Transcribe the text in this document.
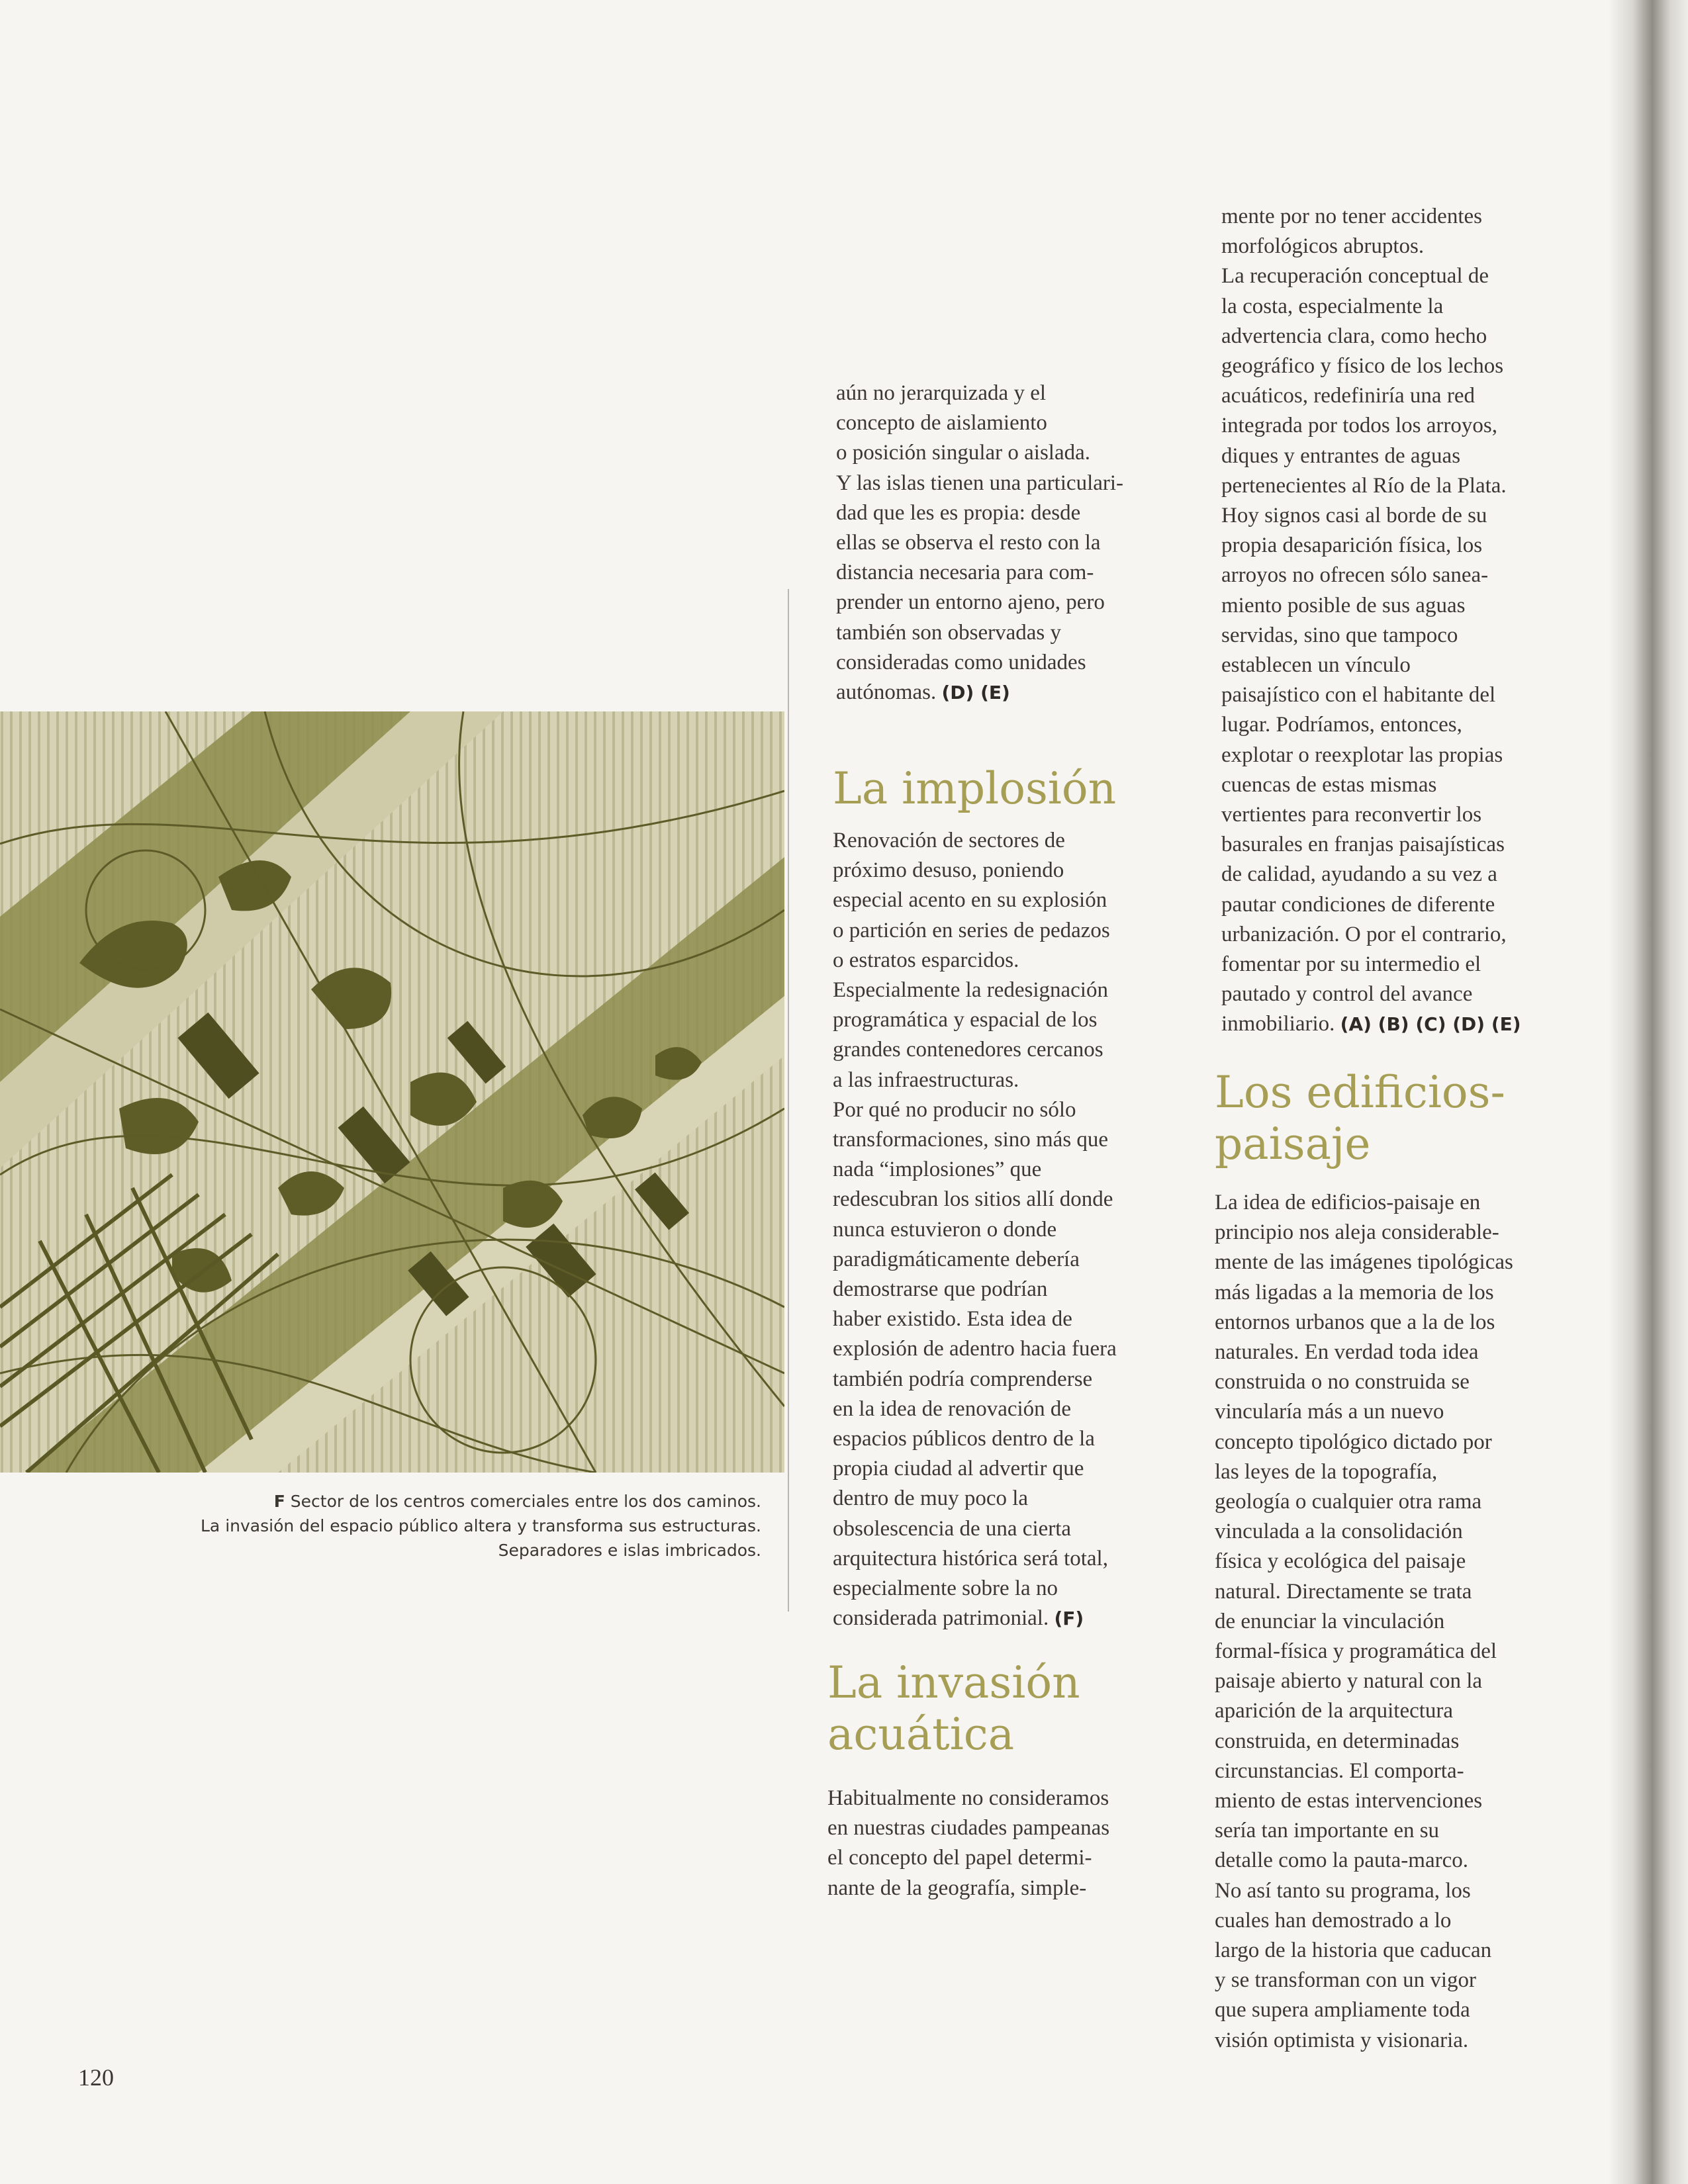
F Sector de los centros comerciales entre los dos caminos.
La invasión del espacio público altera y transforma sus estructuras.
Separadores e islas imbricados.
aún no jerarquizada y el
concepto de aislamiento
o posición singular o aislada.
Y las islas tienen una particulari-
dad que les es propia: desde
ellas se observa el resto con la
distancia necesaria para com-
prender un entorno ajeno, pero
también son observadas y
consideradas como unidades
autónomas. (D) (E)
La implosión
Renovación de sectores de
próximo desuso, poniendo
especial acento en su explosión
o partición en series de pedazos
o estratos esparcidos.
Especialmente la redesignación
programática y espacial de los
grandes contenedores cercanos
a las infraestructuras.
Por qué no producir no sólo
transformaciones, sino más que
nada “implosiones” que
redescubran los sitios allí donde
nunca estuvieron o donde
paradigmáticamente debería
demostrarse que podrían
haber existido. Esta idea de
explosión de adentro hacia fuera
también podría comprenderse
en la idea de renovación de
espacios públicos dentro de la
propia ciudad al advertir que
dentro de muy poco la
obsolescencia de una cierta
arquitectura histórica será total,
especialmente sobre la no
considerada patrimonial. (F)
La invasión
acuática
Habitualmente no consideramos
en nuestras ciudades pampeanas
el concepto del papel determi-
nante de la geografía, simple-
mente por no tener accidentes
morfológicos abruptos.
La recuperación conceptual de
la costa, especialmente la
advertencia clara, como hecho
geográfico y físico de los lechos
acuáticos, redefiniría una red
integrada por todos los arroyos,
diques y entrantes de aguas
pertenecientes al Río de la Plata.
Hoy signos casi al borde de su
propia desaparición física, los
arroyos no ofrecen sólo sanea-
miento posible de sus aguas
servidas, sino que tampoco
establecen un vínculo
paisajístico con el habitante del
lugar. Podríamos, entonces,
explotar o reexplotar las propias
cuencas de estas mismas
vertientes para reconvertir los
basurales en franjas paisajísticas
de calidad, ayudando a su vez a
pautar condiciones de diferente
urbanización. O por el contrario,
fomentar por su intermedio el
pautado y control del avance
inmobiliario. (A) (B) (C) (D) (E)
Los edificios-
paisaje
La idea de edificios-paisaje en
principio nos aleja considerable-
mente de las imágenes tipológicas
más ligadas a la memoria de los
entornos urbanos que a la de los
naturales. En verdad toda idea
construida o no construida se
vincularía más a un nuevo
concepto tipológico dictado por
las leyes de la topografía,
geología o cualquier otra rama
vinculada a la consolidación
física y ecológica del paisaje
natural. Directamente se trata
de enunciar la vinculación
formal-física y programática del
paisaje abierto y natural con la
aparición de la arquitectura
construida, en determinadas
circunstancias. El comporta-
miento de estas intervenciones
sería tan importante en su
detalle como la pauta-marco.
No así tanto su programa, los
cuales han demostrado a lo
largo de la historia que caducan
y se transforman con un vigor
que supera ampliamente toda
visión optimista y visionaria.
120
